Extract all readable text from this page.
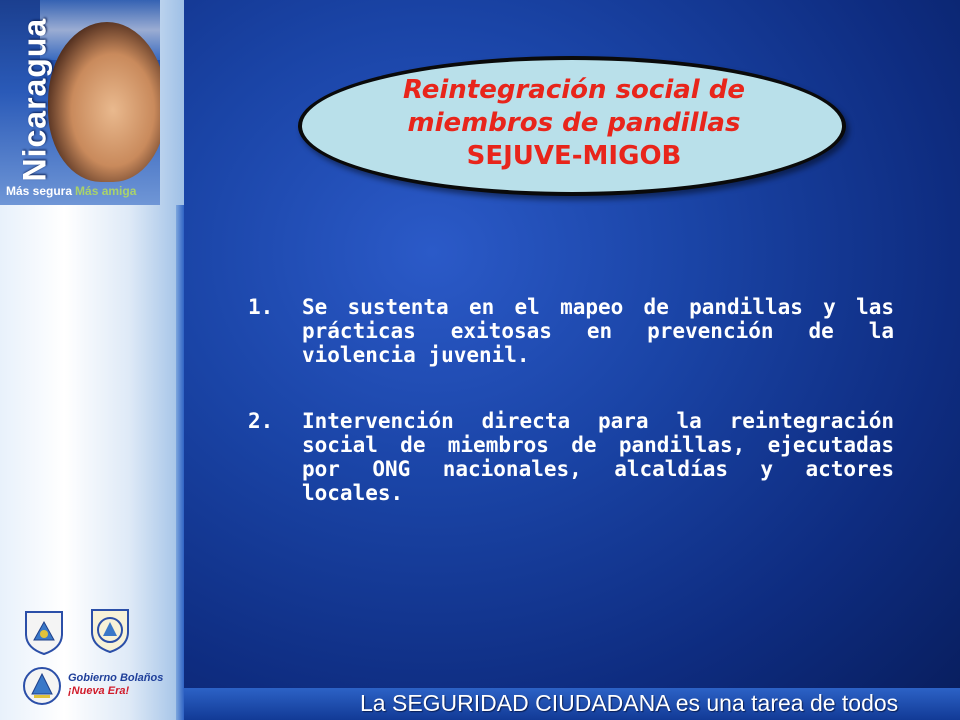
Nicaragua
Más segura Más amiga
Gobierno Bolaños
¡Nueva Era!
Reintegración social de
miembros de pandillas
SEJUVE-MIGOB
1. Se sustenta en el mapeo de pandillas y las prácticas exitosas en prevención de la violencia juvenil.
2. Intervención directa para la reintegración social de miembros de pandillas, ejecutadas por ONG nacionales, alcaldías y actores locales.
La SEGURIDAD CIUDADANA es una tarea de todos
